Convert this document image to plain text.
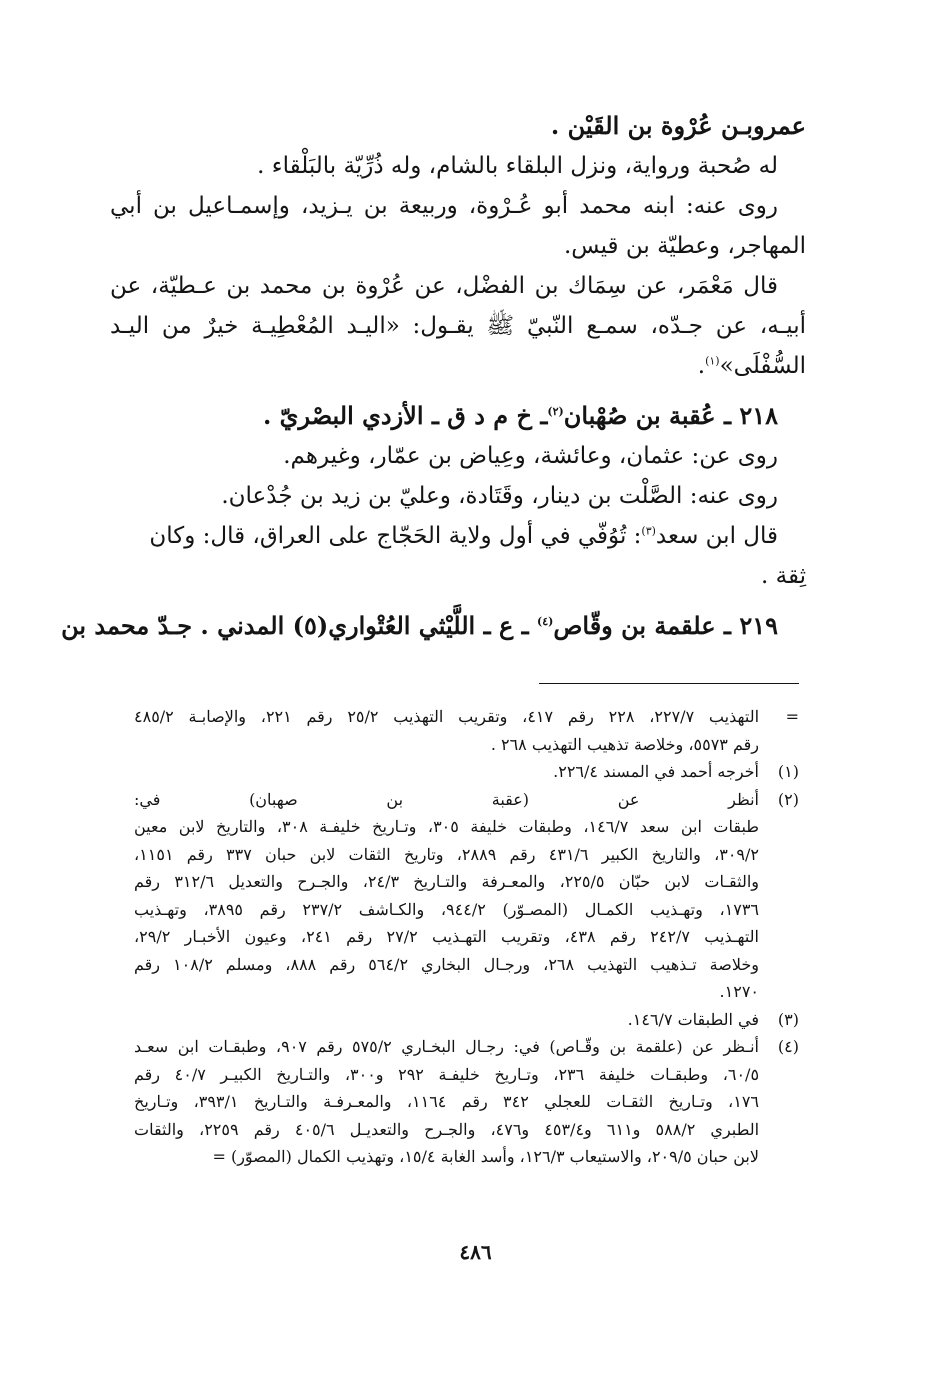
عمروبـن عُرْوة بن القَيْن .
له صُحبة ورواية، ونزل البلقاء بالشام، وله ذُرِّيّة بالبَلْقاء .
روى عنه: ابنه محمد أبو عُـرْوة، وربيعة بن يـزيد، وإسمـاعيل بن أبي
المهاجر، وعطيّة بن قيس.
قال مَعْمَر، عن سِمَاك بن الفضْل، عن عُرْوة بن محمد بن عـطيّة، عن
أبيـه، عن جـدّه، سمـع النّبيّ ﷺ يقـول: «اليـد المُعْطِيـة خيرٌ من اليـد
السُّفْلَى»$^{(١)}$.
٢١٨ ـ عُقبة بن صُهْبان$^{(٢)}$ـ خ م د ق ـ الأزدي البصْريّ .
روى عن: عثمان، وعائشة، وعِياض بن عمّار، وغيرهم.
روى عنه: الصَّلْت بن دينار، وقَتَادة، وعليّ بن زيد بن جُدْعان.
قال ابن سعد$^{(٣)}$: تُوُفّي في أول ولاية الحَجّاج على العراق، قال: وكان
ثِقة .
٢١٩ ـ علقمة بن وقّاص$^{(٤)}$ ـ ع ـ اللَّيْثي العُتْواري(٥) المدني . جـدّ محمد بن
=
التهذيب ٢٢٧/٧، ٢٢٨ رقم ٤١٧، وتقريب التهذيب ٢٥/٢ رقم ٢٢١، والإصابـة ٤٨٥/٢
رقم ٥٥٧٣، وخلاصة تذهيب التهذيب ٢٦٨ .
(١)
أخرجه أحمد في المسند ٢٢٦/٤.
(٢)
أنظر عن (عقبة بن صهبان) في:
طبقات ابن سعد ١٤٦/٧، وطبقات خليفة ٣٠٥، وتـاريخ خليفـة ٣٠٨، والتاريخ لابن معين
٣٠٩/٢، والتاريخ الكبير ٤٣١/٦ رقم ٢٨٨٩، وتاريخ الثقات لابن حبان ٣٣٧ رقم ١١٥١،
والثقـات لابن حبّان ٢٢٥/٥، والمعـرفة والتـاريخ ٢٤/٣، والجـرح والتعديل ٣١٢/٦ رقم
١٧٣٦، وتهـذيب الكمـال (المصـوّر) ٩٤٤/٢، والكـاشف ٢٣٧/٢ رقم ٣٨٩٥، وتهـذيب
التهـذيب ٢٤٢/٧ رقم ٤٣٨، وتقريب التهـذيب ٢٧/٢ رقم ٢٤١، وعيون الأخبـار ٢٩/٢،
وخلاصة تـذهيب التهذيب ٢٦٨، ورجـال البخاري ٥٦٤/٢ رقم ٨٨٨، ومسلم ١٠٨/٢ رقم
١٢٧٠.
(٣)
في الطبقات ١٤٦/٧.
(٤)
أنـظر عن (علقمة بن وقّـاص) في: رجـال البخـاري ٥٧٥/٢ رقم ٩٠٧، وطبقـات ابن سعـد
٦٠/٥، وطبقـات خليفة ٢٣٦، وتـاريخ خليفـة ٢٩٢ و٣٠٠، والتـاريخ الكبيـر ٤٠/٧ رقم
١٧٦، وتـاريخ الثقـات للعجلي ٣٤٢ رقم ١١٦٤، والمعـرفـة والتـاريخ ٣٩٣/١، وتـاريخ
الطبري ٥٨٨/٢ و٦١١ و٤٥٣/٤ و٤٧٦، والجـرح والتعديـل ٤٠٥/٦ رقم ٢٢٥٩، والثقات
لابن حبان ٢٠٩/٥، والاستيعاب ١٢٦/٣، وأسد الغابة ١٥/٤، وتهذيب الكمال (المصوّر) =
٤٨٦
